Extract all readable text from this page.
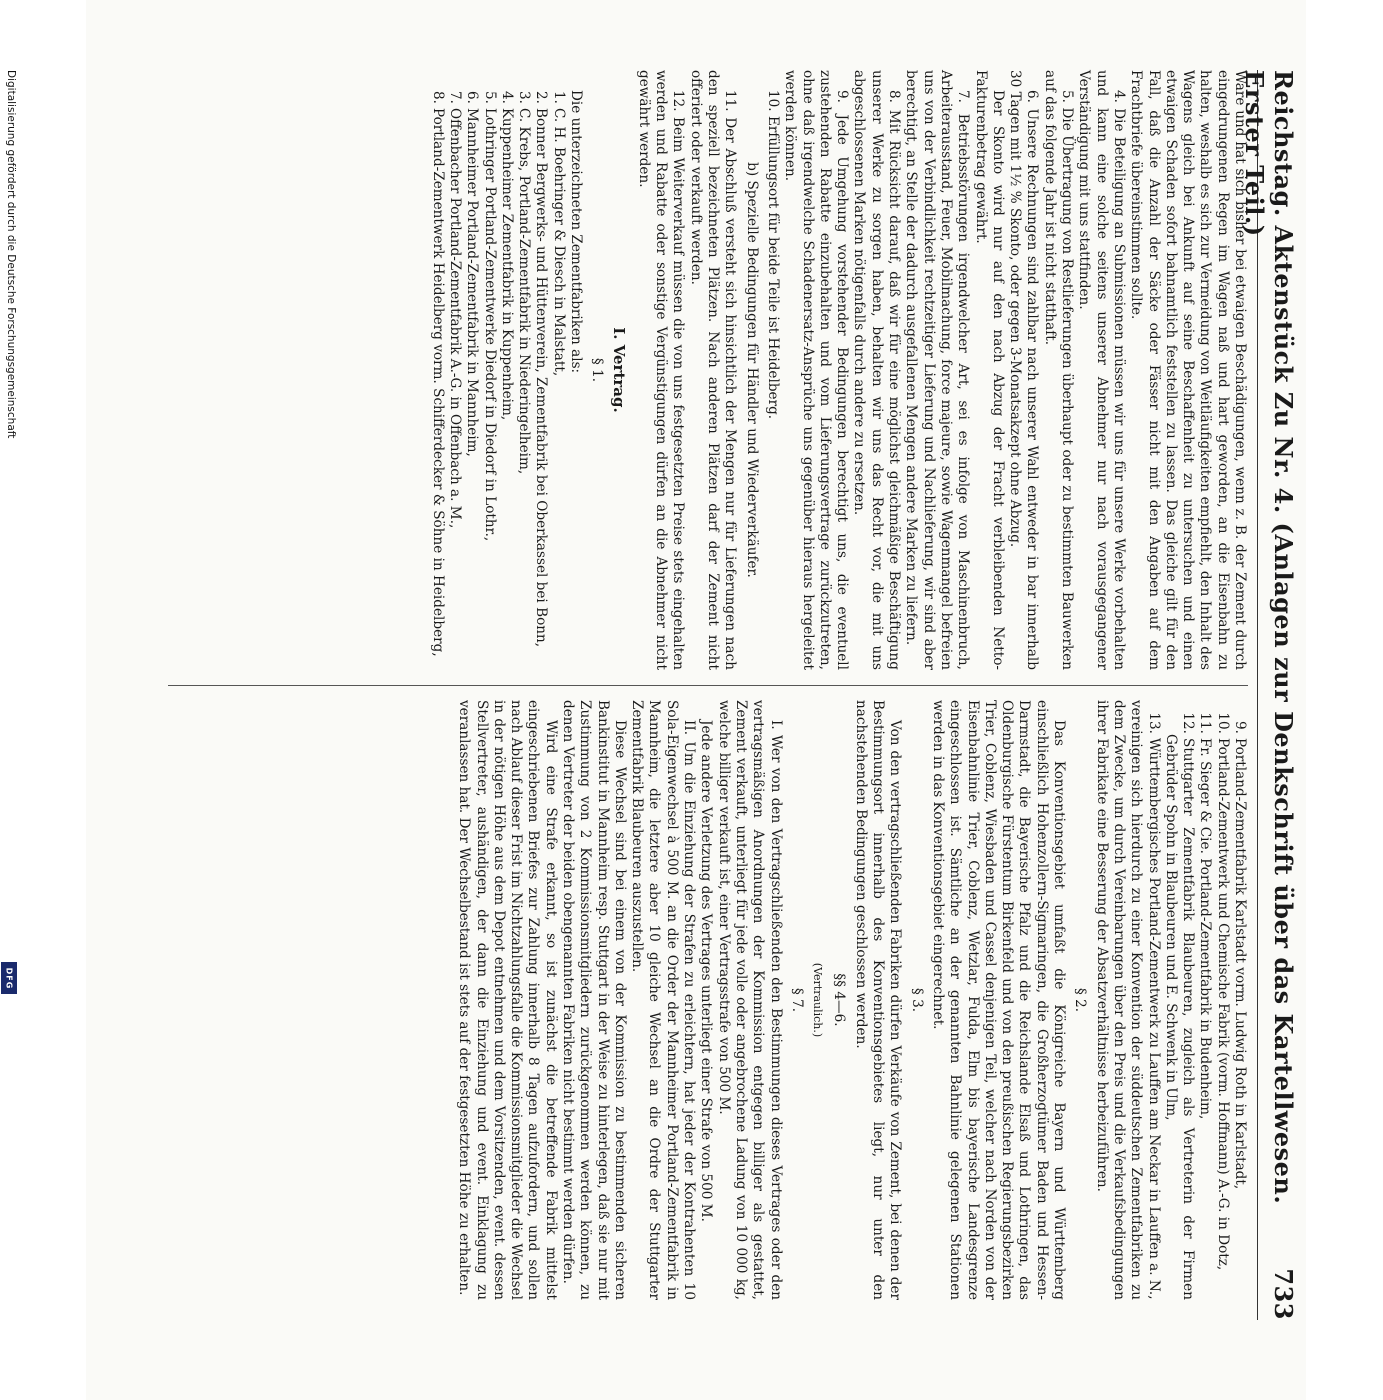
Reichstag. Aktenstück Zu Nr. 4. (Anlagen zur Denkschrift über das Kartellwesen. Erster Teil.)
733

Ware und hat sich bisher bei etwaigen Beschädigungen, wenn z. B. der Zement durch eingedrungenen Regen im Wagen naß und hart geworden, an die Eisenbahn zu halten, weshalb es sich zur Vermeidung von Weitläufigkeiten empfiehlt, den Inhalt des Wagens gleich bei Ankunft auf seine Beschaffenheit zu untersuchen und einen etwaigen Schaden sofort bahnamtlich feststellen zu lassen. Das gleiche gilt für den Fall, daß die Anzahl der Säcke oder Fässer nicht mit den Angaben auf dem Frachtbriefe übereinstimmen sollte.

4. Die Beteiligung an Submissionen müssen wir uns für unsere Werke vorbehalten und kann eine solche seitens unserer Abnehmer nur nach vorausgegangener Verständigung mit uns stattfinden.

5. Die Übertragung von Restlieferungen überhaupt oder zu bestimmten Bauwerken auf das folgende Jahr ist nicht statthaft.

6. Unsere Rechnungen sind zahlbar nach unserer Wahl entweder in bar innerhalb 30 Tagen mit 1½ % Skonto, oder gegen 3-Monatsakzept ohne Abzug.

Der Skonto wird nur auf den nach Abzug der Fracht verbleibenden Netto-Fakturenbetrag gewährt.

7. Betriebsstörungen irgendwelcher Art, sei es infolge von Maschinenbruch, Arbeiterausstand, Feuer, Mobilmachung, force majeure, sowie Wagenmangel befreien uns von der Verbindlichkeit rechtzeitiger Lieferung und Nachlieferung, wir sind aber berechtigt, an Stelle der dadurch ausgefallenen Mengen andere Marken zu liefern.

8. Mit Rücksicht darauf, daß wir für eine möglichst gleichmäßige Beschäftigung unserer Werke zu sorgen haben, behalten wir uns das Recht vor, die mit uns abgeschlossenen Marken nötigenfalls durch andere zu ersetzen.

9. Jede Umgehung vorstehender Bedingungen berechtigt uns, die eventuell zustehenden Rabatte einzubehalten und vom Lieferungsvertrage zurückzutreten, ohne daß irgendwelche Schadenersatz-Ansprüche uns gegenüber hieraus hergeleitet werden können.

10. Erfüllungsort für beide Teile ist Heidelberg.

b) Spezielle Bedingungen für Händler und Wiederverkäufer.

11. Der Abschluß versteht sich hinsichtlich der Mengen nur für Lieferungen nach den speziell bezeichneten Plätzen. Nach anderen Plätzen darf der Zement nicht offeriert oder verkauft werden.

12. Beim Weiterverkauf müssen die von uns festgesetzten Preise stets eingehalten werden und Rabatte oder sonstige Vergünstigungen dürfen an die Abnehmer nicht gewährt werden.

I. Vertrag.
§ 1.

Die unterzeichneten Zementfabriken als:

1.C. H. Boehringer & Diesch in Malstatt,
2.Bonner Bergwerks- und Hüttenverein, Zementfabrik bei Oberkassel bei Bonn,
3.C. Krebs, Portland-Zementfabrik in Niederingelheim,
4.Kuppenheimer Zementfabrik in Kuppenheim,
5.Lothringer Portland-Zementwerke Diedorf in Diedorf in Lothr.,
6.Mannheimer Portland-Zementfabrik in Mannheim,
7.Offenbacher Portland-Zementfabrik A.-G. in Offenbach a. M.,
8.Portland-Zementwerk Heidelberg vorm. Schifferdecker & Söhne in Heidelberg,
9.Portland-Zementfabrik Karlstadt vorm. Ludwig Roth in Karlstadt,
10.Portland-Zementwerk und Chemische Fabrik (vorm. Hoffmann) A.-G. in Dotz,
11.Fr. Sieger & Cie. Portland-Zementfabrik in Budenheim,
12.Stuttgarter Zementfabrik Blaubeuren, zugleich als Vertreterin der Firmen Gebrüder Spohn in Blaubeuren und E. Schwenk in Ulm,
13.Württembergisches Portland-Zementwerk zu Lauffen am Neckar in Lauffen a. N.,

vereinigen sich hierdurch zu einer Konvention der süddeutschen Zementfabriken zu dem Zwecke, um durch Vereinbarungen über den Preis und die Verkaufsbedingungen ihrer Fabrikate eine Besserung der Absatzverhältnisse herbeizuführen.

§ 2.

Das Konventionsgebiet umfaßt die Königreiche Bayern und Württemberg einschließlich Hohenzollern-Sigmaringen, die Großherzogtümer Baden und Hessen-Darmstadt, die Bayerische Pfalz und die Reichslande Elsaß und Lothringen, das Oldenburgische Fürstentum Birkenfeld und von den preußischen Regierungsbezirken Trier, Coblenz, Wiesbaden und Cassel denjenigen Teil, welcher nach Norden von der Eisenbahnlinie Trier, Coblenz, Wetzlar, Fulda, Elm bis bayerische Landesgrenze eingeschlossen ist. Sämtliche an der genannten Bahnlinie gelegenen Stationen werden in das Konventionsgebiet eingerechnet.

§ 3.

Von den vertragschließenden Fabriken dürfen Verkäufe von Zement, bei denen der Bestimmungsort innerhalb des Konventionsgebietes liegt, nur unter den nachstehenden Bedingungen geschlossen werden.

§§ 4—6.
(Vertraulich.)
§ 7.

I. Wer von den Vertragschließenden den Bestimmungen dieses Vertrages oder den vertragsmäßigen Anordnungen der Kommission entgegen billiger als gestattet, Zement verkauft, unterliegt für jede volle oder angebrochene Ladung von 10 000 kg, welche billiger verkauft ist, einer Vertragsstrafe von 500 M.

Jede andere Verletzung des Vertrages unterliegt einer Strafe von 500 M.

II. Um die Einziehung der Strafen zu erleichtern, hat jeder der Kontrahenten 10 Sola-Eigenwechsel à 500 M. an die Order der Mannheimer Portland-Zementfabrik in Mannheim, die letztere aber 10 gleiche Wechsel an die Ordre der Stuttgarter Zementfabrik Blaubeuren auszustellen.

Diese Wechsel sind bei einem von der Kommission zu bestimmenden sicheren Bankinstitut in Mannheim resp. Stuttgart in der Weise zu hinterlegen, daß sie nur mit Zustimmung von 2 Kommissionsmitgliedern zurückgenommen werden können, zu denen Vertreter der beiden obengenannten Fabriken nicht bestimmt werden dürfen.

Wird eine Strafe erkannt, so ist zunächst die betreffende Fabrik mittelst eingeschriebenen Briefes zur Zahlung innerhalb 8 Tagen aufzufordern, und sollen nach Ablauf dieser Frist im Nichtzahlungsfalle die Kommissionsmitglieder die Wechsel in der nötigen Höhe aus dem Depot entnehmen und dem Vorsitzenden, event. dessen Stellvertreter, aushändigen, der dann die Einziehung und event. Einklagung zu veranlassen hat. Der Wechselbestand ist stets auf der festgesetzten Höhe zu erhalten.

Digitalisierung gefördert durch die Deutsche Forschungsgemeinschaft
DFG
